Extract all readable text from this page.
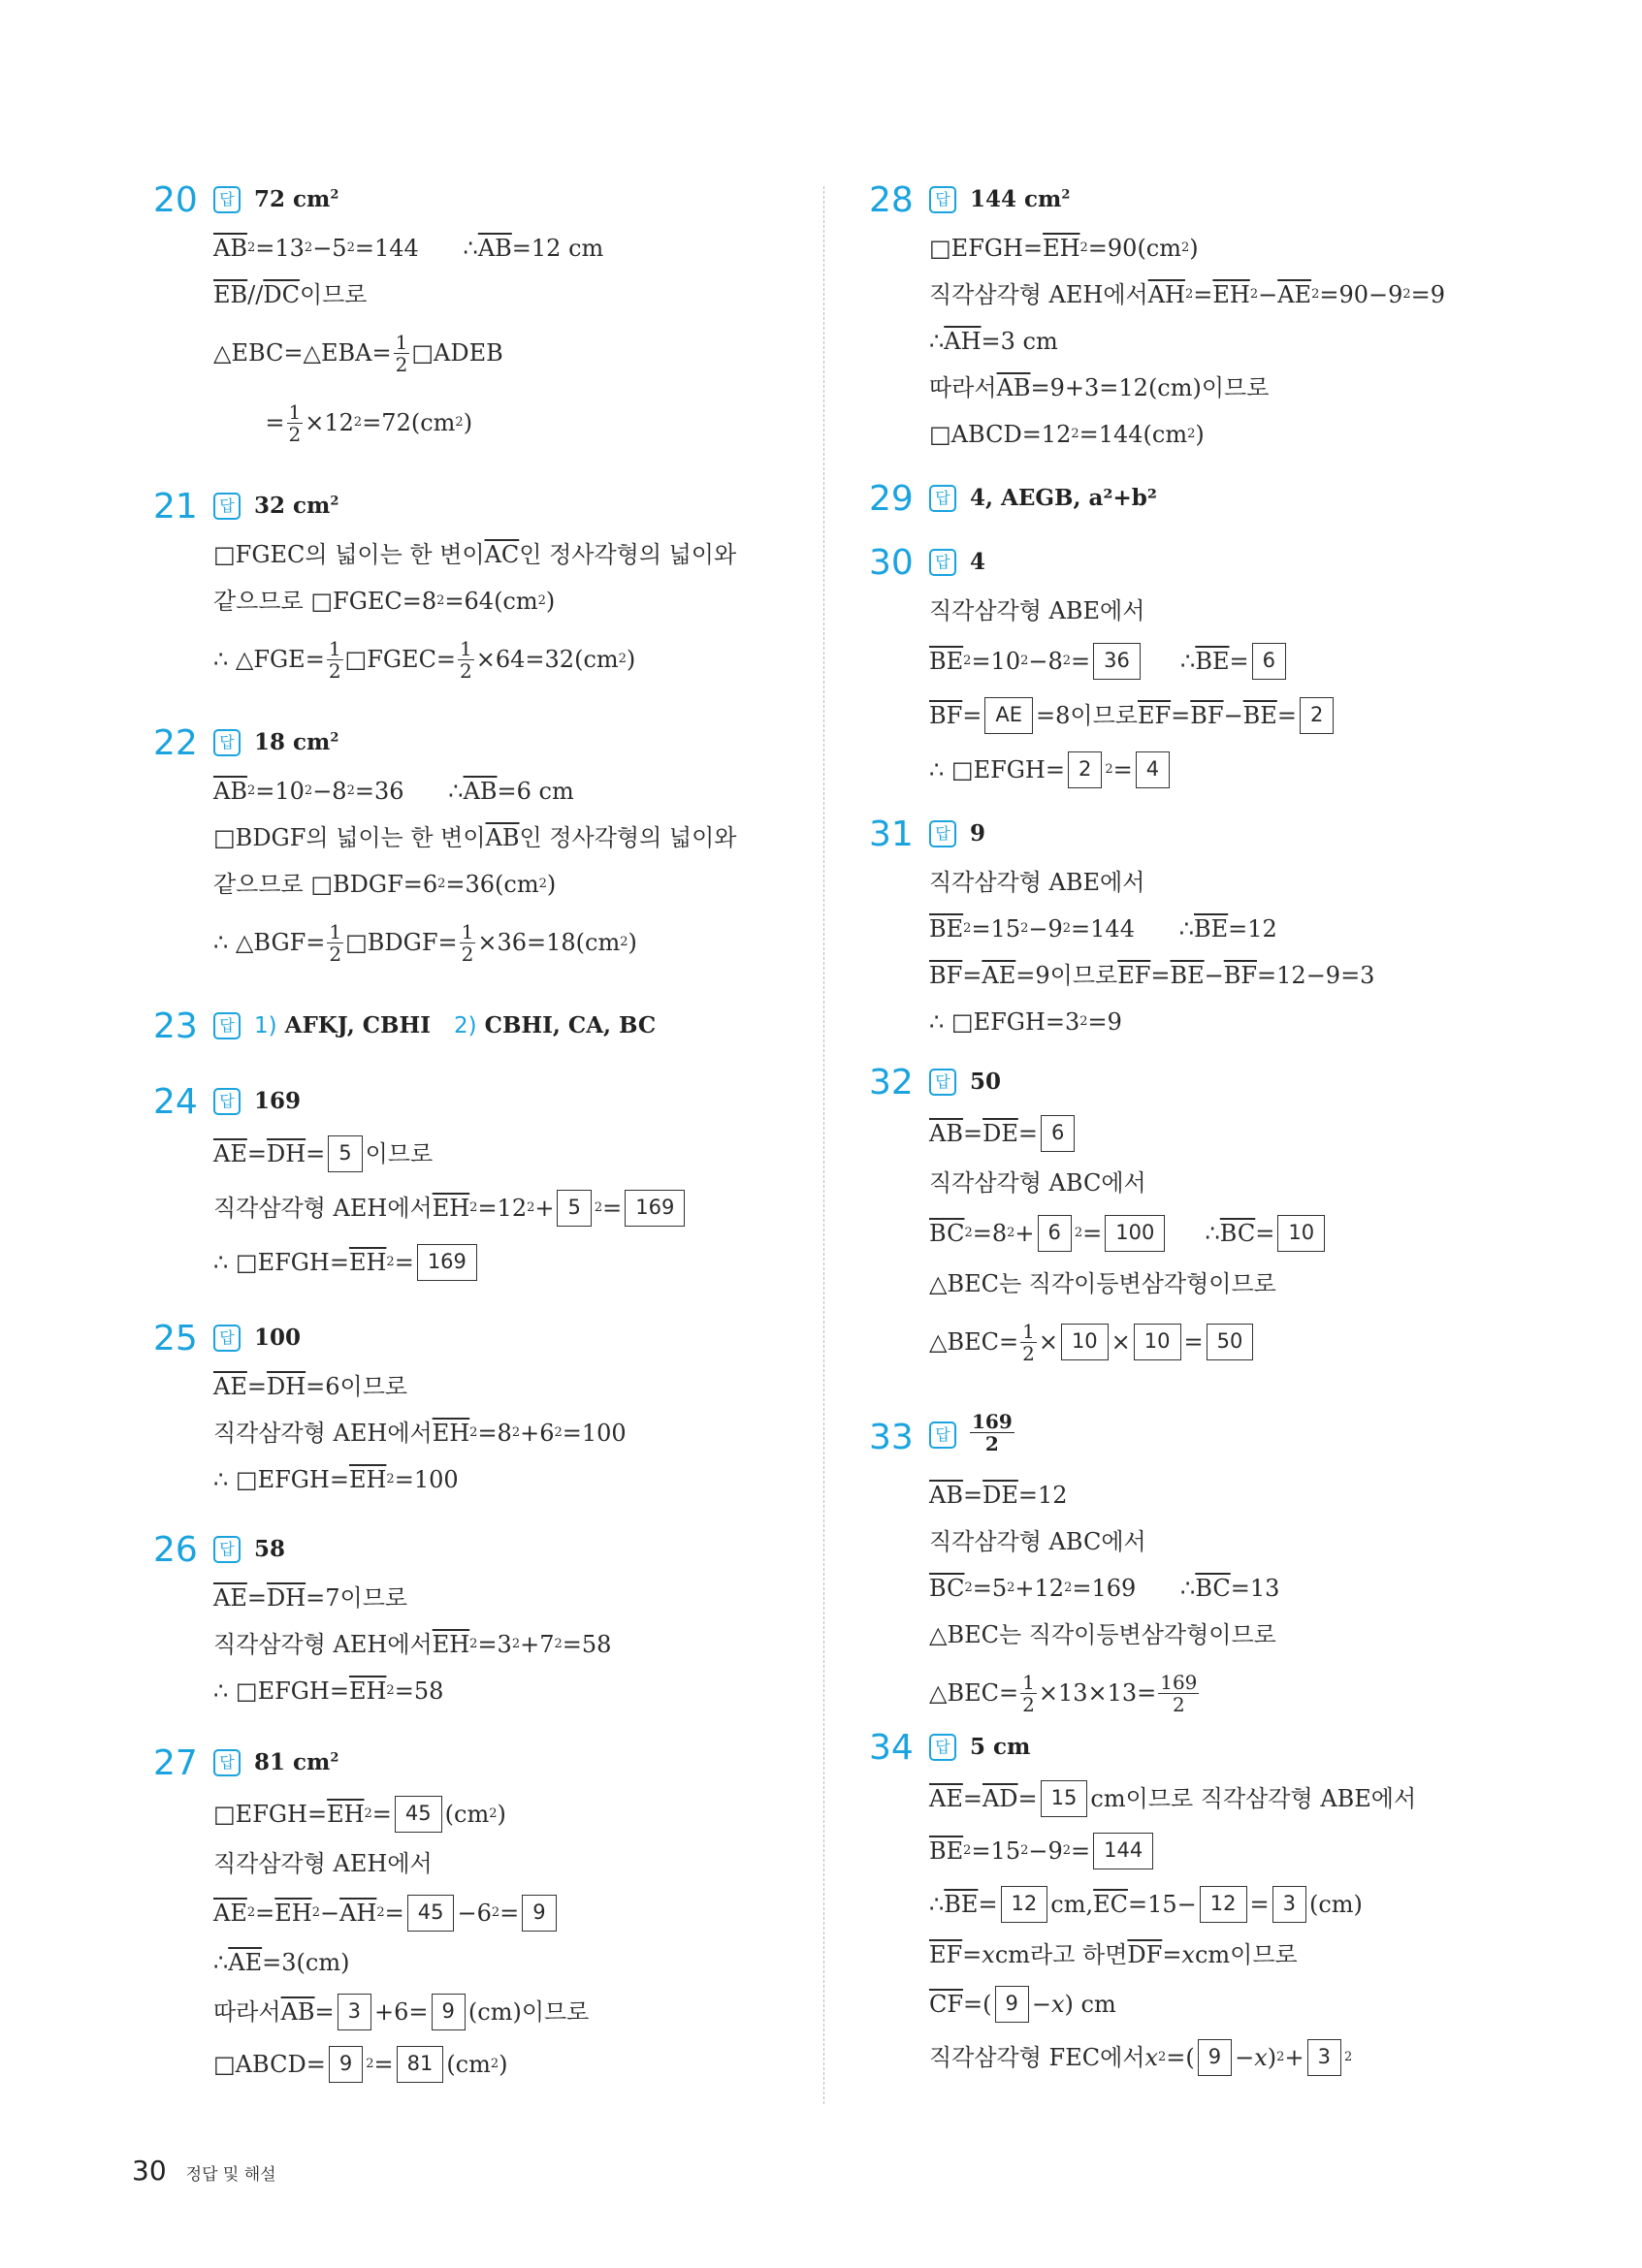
20	답 72 $cm^2$
$\overline{AB}$ 2 =13 2 −5 2 =144      ∴ $\overline{AB} =12$ cm
$\overline{EB} // \overline{DC}$ 이므로
△EBC=△EBA= $\frac{1}{2}$ □ADEB
= $\frac{1}{2} \times 12$ 2 =72(cm 2 )
21	답 32 $cm^2$
□FGEC의 넓이는 한 변이 $\overline{AC}$ 인 정사각형의 넓이와
같으므로 □FGEC=8 2 =64(cm 2 )
∴ △FGE= $\frac{1}{2}$ □FGEC= $\frac{1}{2} \times 64=32(cm$ 2 )
22	답 18 $cm^2$
$\overline{AB}$ 2 =10 2 −8 2 =36      ∴ $\overline{AB} =6$ cm
□BDGF의 넓이는 한 변이 $\overline{AB}$ 인 정사각형의 넓이와
같으므로 □BDGF=6 2 =36(cm 2 )
∴ △BGF= $\frac{1}{2}$ □BDGF= $\frac{1}{2} \times 36=18(cm$ 2 )
23	답 1) AFKJ, CBHI 2) CBHI, CA, BC
24	답 169
$\overline{AE} = \overline{DH} = 5$ 이므로
직각삼각형 AEH에서 $\overline{EH}$ 2 =12 2 + 5	2 = 169
∴ □EFGH= $\overline{EH}$ 2 = 169
25	답 100
$\overline{AE} = \overline{DH} =6$이므로
직각삼각형 AEH에서 $\overline{EH}$ 2 =8 2 +6 2 =100
∴ □EFGH= $\overline{EH}$ 2 =100
26	답 58
$\overline{AE} = \overline{DH} =7$이므로
직각삼각형 AEH에서 $\overline{EH}$ 2 =3 2 +7 2 =58
∴ □EFGH= $\overline{EH}$ 2 =58
27	답 81 $cm^2$
□EFGH= $\overline{EH}$ 2 = 45 (cm 2 )
직각삼각형 AEH에서
$\overline{AE}$ $2 = \overline{EH}$ $2 - \overline{AH}$ 2 = 45 −6 2 = 9
∴ $\overline{AE} =3(cm)$
따라서 $\overline{AB} = 3 +6= 9$ (cm)이므로
□ABCD= 9	2 = 81 (cm 2 )
28	답 144 $cm^2$
□EFGH= $\overline{EH}$ 2 =90(cm 2 )
직각삼각형 AEH에서 $\overline{AH}$ $2 = \overline{EH}$ $2 - \overline{AE}$ 2 =90−9 2 =9
∴ $\overline{AH} =3$ cm
따라서 $\overline{AB} =9+3=12(cm)$이므로
□ABCD=12 2 =144(cm 2 )
29	답 4, AEGB, a²+b²
30	답 4
직각삼각형 ABE에서
$\overline{BE}$ 2 =10 2 −8 2 = 36 ∴ $\overline{BE} = 6$
$\overline{BF}$ = AE =8이므로 $\overline{EF} = \overline{BF} - \overline{BE} = 2$
∴ □EFGH= 2	2 = 4
31	답 9
직각삼각형 ABE에서
$\overline{BE}$ 2 =15 2 −9 2 =144      ∴ $\overline{BE} =12$
$\overline{BF} = \overline{AE} =9$이므로 $\overline{EF} = \overline{BE} - \overline{BF} =12-9=3$
∴ □EFGH=3 2 =9
32	답 50
$\overline{AB} = \overline{DE} = 6$
직각삼각형 ABC에서
$\overline{BC}$ 2 =8 2 + 6	2 = 100 ∴ $\overline{BC} = 10$
△BEC는 직각이등변삼각형이므로
△BEC= $\frac{1}{2} \times 10 \times 10 = 50$
33	답	$\frac{169}{2}$
$\overline{AB} = \overline{DE} =12$
직각삼각형 ABC에서
$\overline{BC}$ 2 =5 2 +12 2 =169      ∴ $\overline{BC} =13$
△BEC는 직각이등변삼각형이므로
△BEC= $\frac{1}{2} \times 13\times 13= \frac{169}{2}$
34	답 5 cm
$\overline{AE} = \overline{AD} = 15$ cm이므로 직각삼각형 ABE에서
$\overline{BE}$ 2 =15 2 −9 2 = 144
∴ $\overline{BE} = 12$ cm, $\overline{EC} =15- 12 = 3$ (cm)
$\overline{EF} = x$ cm라고 하면 $\overline{DF} = x$ cm이므로
$\overline{CF}$ =( 9 − x ) cm
직각삼각형 FEC에서 x 2 =( 9 − x ) 2 + 3	2
30 정답 및 해설
